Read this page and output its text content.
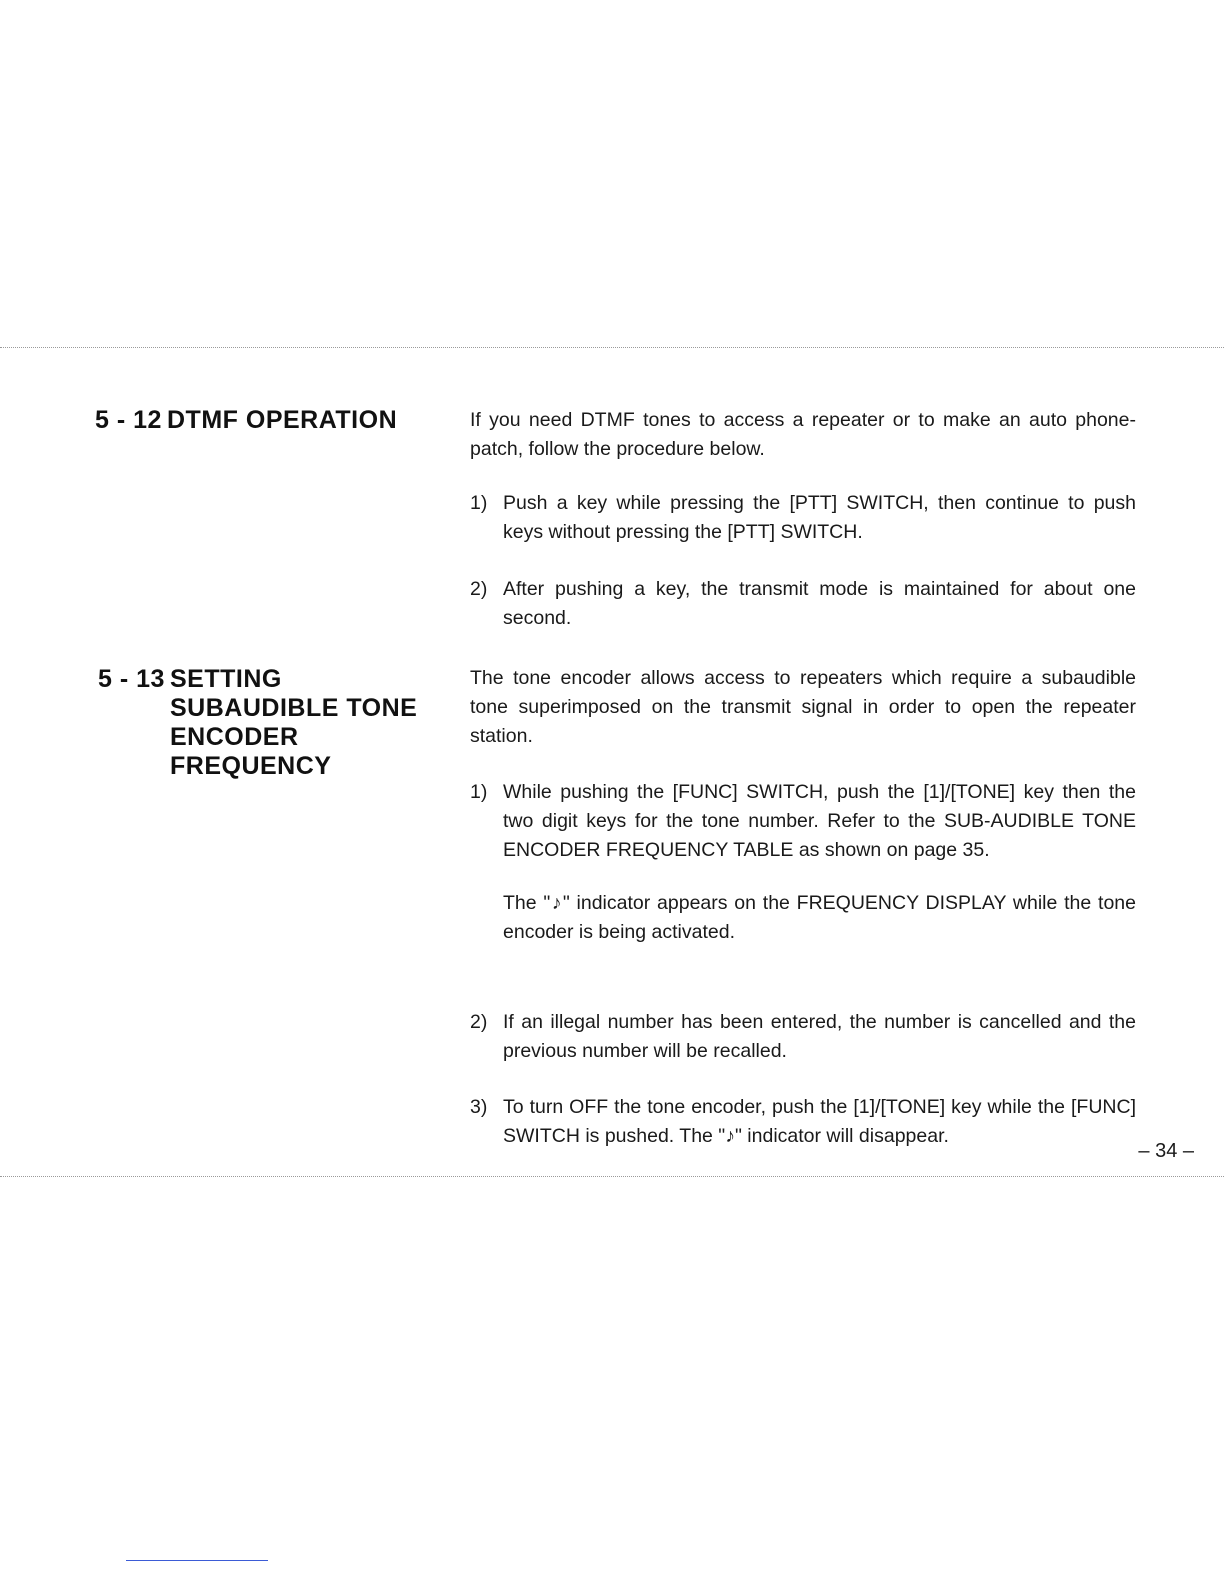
5 - 12 DTMF OPERATION	If you need DTMF tones to access a repeater or to make an auto phone-patch, follow the procedure below.

1) Push a key while pressing the [PTT] SWITCH, then continue to push keys without pressing the [PTT] SWITCH.
2) After pushing a key, the transmit mode is maintained for about one second.
5 - 13 SETTING
SUBAUDIBLE TONE
ENCODER
FREQUENCY

The tone encoder allows access to repeaters which require a subaudible tone superimposed on the transmit signal in order to open the repeater station.

1) While pushing the [FUNC] SWITCH, push the [1]/[TONE] key then the two digit keys for the tone number. Refer to the SUB-AUDIBLE TONE ENCODER FREQUENCY TABLE as shown on page 35.
The "♪" indicator appears on the FREQUENCY DISPLAY while the tone encoder is being activated.
2) If an illegal number has been entered, the number is cancelled and the previous number will be recalled.
3) To turn OFF the tone encoder, push the [1]/[TONE] key while the [FUNC] SWITCH is pushed. The "♪" indicator will disappear.
– 34 –
